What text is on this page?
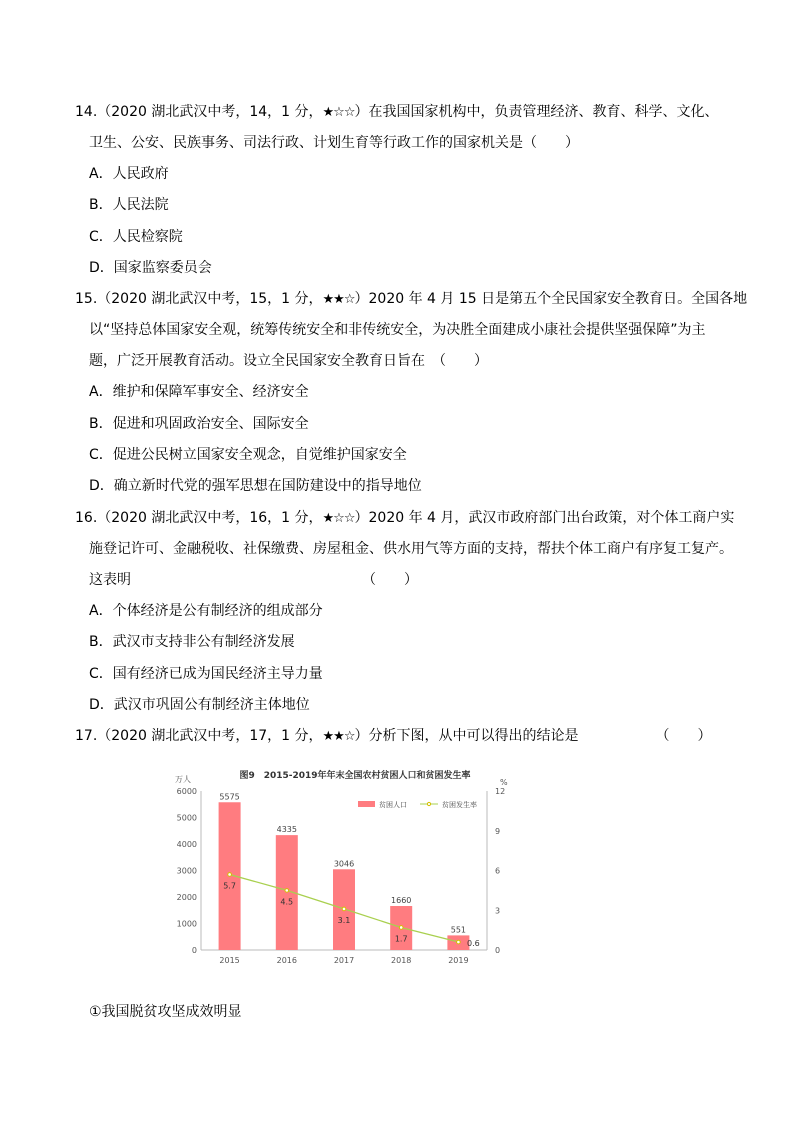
14.（2020 湖北武汉中考，14，1 分，★☆☆）在我国国家机构中，负责管理经济、教育、科学、文化、
卫生、公安、民族事务、司法行政、计划生育等行政工作的国家机关是（　　）
A．人民政府
B．人民法院
C．人民检察院
D．国家监察委员会
15.（2020 湖北武汉中考，15，1 分，★★☆）2020 年 4 月 15 日是第五个全民国家安全教育日。全国各地
以“坚持总体国家安全观，统筹传统安全和非传统安全，为决胜全面建成小康社会提供坚强保障”为主
题，广泛开展教育活动。设立全民国家安全教育日旨在　（　　）
A．维护和保障军事安全、经济安全
B．促进和巩固政治安全、国际安全
C．促进公民树立国家安全观念，自觉维护国家安全
D．确立新时代党的强军思想在国防建设中的指导地位
16.（2020 湖北武汉中考，16，1 分，★☆☆）2020 年 4 月，武汉市政府部门出台政策，对个体工商户实
施登记许可、金融税收、社保缴费、房屋租金、供水用气等方面的支持，帮扶个体工商户有序复工复产。
这表明　　　　　　　　　　　　　　　　　（　　）
A．个体经济是公有制经济的组成部分
B．武汉市支持非公有制经济发展
C．国有经济已成为国民经济主导力量
D．武汉市巩固公有制经济主体地位
17.（2020 湖北武汉中考，17，1 分，★★☆）分析下图，从中可以得出的结论是　　　　　　（　　）
图9　2015-2019年年末全国农村贫困人口和贫困发生率
万人	%
0
1000
2000
3000
4000
5000
6000
0
3
6
9
12
2015	2016	2017	2018	2019
5575
4335
3046
1660
551
5.7
4.5
3.1
1.7
0.6
贫困人口	贫困发生率
①我国脱贫攻坚成效明显
